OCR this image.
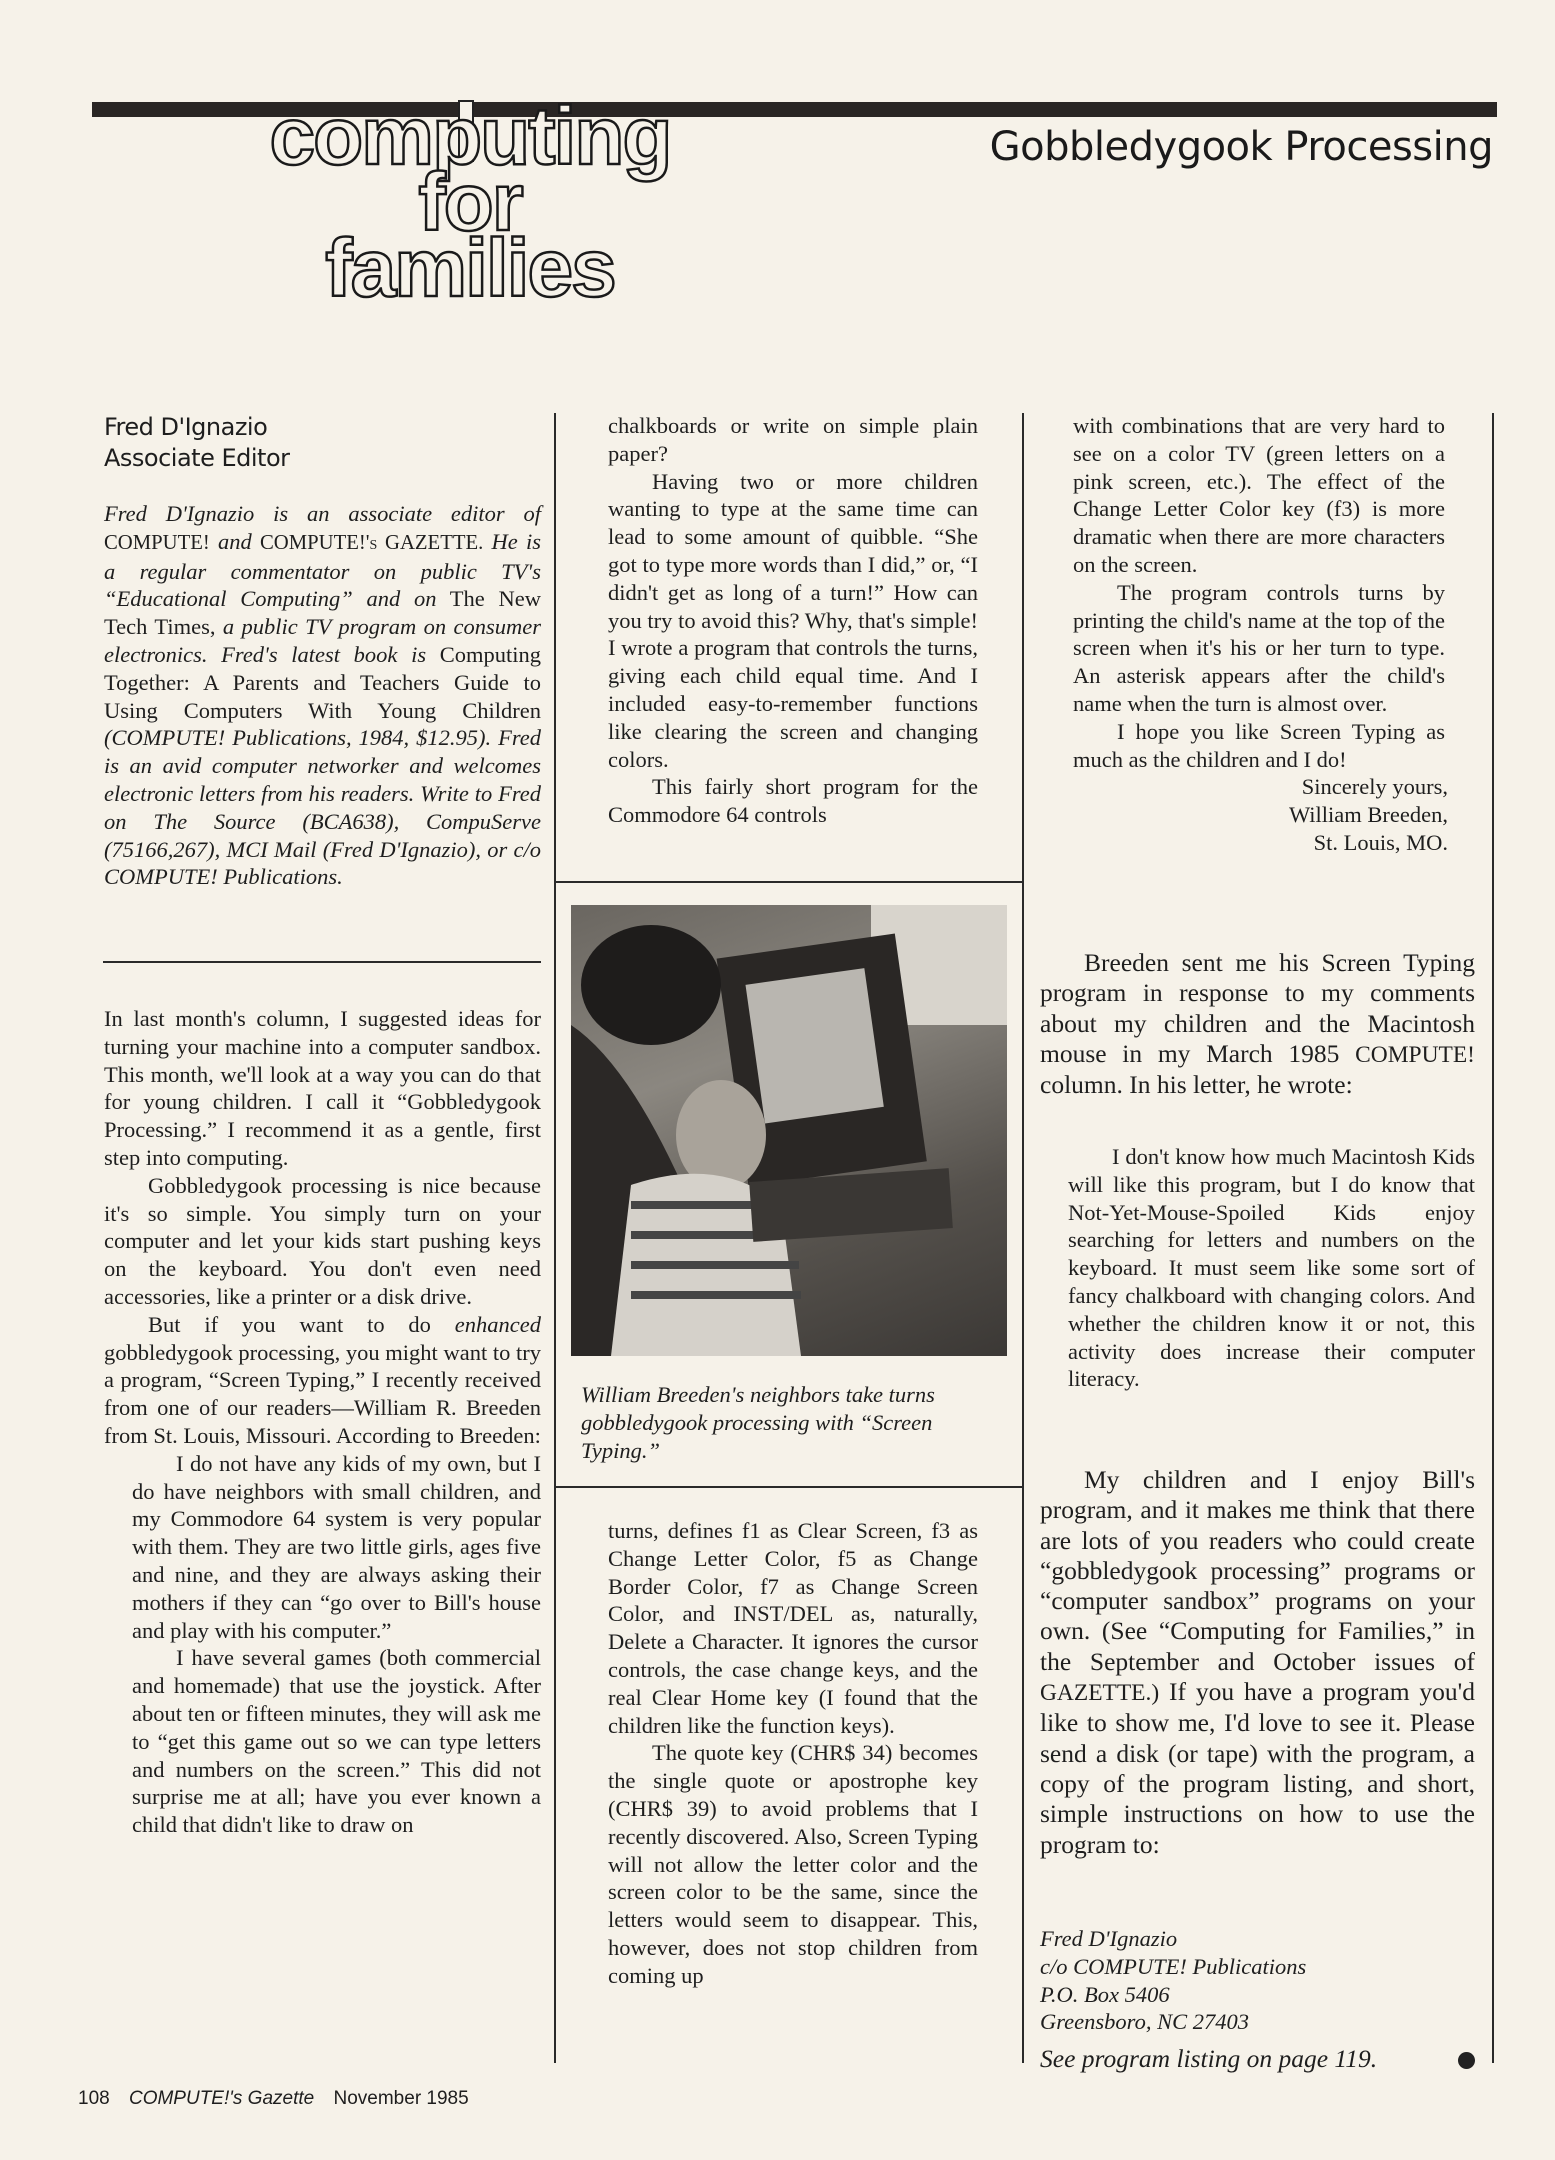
computing
for
families
Gobbledygook Processing
Fred D'Ignazio
Associate Editor

Fred D'Ignazio is an associate editor of COMPUTE! and COMPUTE!'s GAZETTE. He is a regular commentator on public TV's “Educational Computing” and on The New Tech Times, a public TV program on consumer electronics. Fred's latest book is Computing Together: A Parents and Teachers Guide to Using Computers With Young Children (COMPUTE! Publications, 1984, $12.95). Fred is an avid computer networker and welcomes electronic letters from his readers. Write to Fred on The Source (BCA638), CompuServe (75166,267), MCI Mail (Fred D'Ignazio), or c/o COMPUTE! Publications.

In last month's column, I suggested ideas for turning your machine into a computer sandbox. This month, we'll look at a way you can do that for young children. I call it “Gobbledygook Processing.” I recommend it as a gentle, first step into computing.

Gobbledygook processing is nice because it's so simple. You simply turn on your computer and let your kids start pushing keys on the keyboard. You don't even need accessories, like a printer or a disk drive.

But if you want to do enhanced gobbledygook processing, you might want to try a program, “Screen Typing,” I recently received from one of our readers—William R. Breeden from St. Louis, Missouri. According to Breeden:

I do not have any kids of my own, but I do have neighbors with small children, and my Commodore 64 system is very popular with them. They are two little girls, ages five and nine, and they are always asking their mothers if they can “go over to Bill's house and play with his computer.”

I have several games (both commercial and homemade) that use the joystick. After about ten or fifteen minutes, they will ask me to “get this game out so we can type letters and numbers on the screen.” This did not surprise me at all; have you ever known a child that didn't like to draw on

chalkboards or write on simple plain paper?

Having two or more children wanting to type at the same time can lead to some amount of quibble. “She got to type more words than I did,” or, “I didn't get as long of a turn!” How can you try to avoid this? Why, that's simple! I wrote a program that controls the turns, giving each child equal time. And I included easy-to-remember functions like clearing the screen and changing colors.

This fairly short program for the Commodore 64 controls

William Breeden's neighbors take turns gobbledygook processing with “Screen Typing.”

turns, defines f1 as Clear Screen, f3 as Change Letter Color, f5 as Change Border Color, f7 as Change Screen Color, and INST/DEL as, naturally, Delete a Character. It ignores the cursor controls, the case change keys, and the real Clear Home key (I found that the children like the function keys).

The quote key (CHR$ 34) becomes the single quote or apostrophe key (CHR$ 39) to avoid problems that I recently discovered. Also, Screen Typing will not allow the letter color and the screen color to be the same, since the letters would seem to disappear. This, however, does not stop children from coming up

with combinations that are very hard to see on a color TV (green letters on a pink screen, etc.). The effect of the Change Letter Color key (f3) is more dramatic when there are more characters on the screen.

The program controls turns by printing the child's name at the top of the screen when it's his or her turn to type. An asterisk appears after the child's name when the turn is almost over.

I hope you like Screen Typing as much as the children and I do!

Sincerely yours,
William Breeden,
St. Louis, MO.

Breeden sent me his Screen Typing program in response to my comments about my children and the Macintosh mouse in my March 1985 COMPUTE! column. In his letter, he wrote:

I don't know how much Macintosh Kids will like this program, but I do know that Not-Yet-Mouse-Spoiled Kids enjoy searching for letters and numbers on the keyboard. It must seem like some sort of fancy chalkboard with changing colors. And whether the children know it or not, this activity does increase their computer literacy.

My children and I enjoy Bill's program, and it makes me think that there are lots of you readers who could create “gobbledygook processing” programs or “computer sandbox” programs on your own. (See “Computing for Families,” in the September and October issues of GAZETTE.) If you have a program you'd like to show me, I'd love to see it. Please send a disk (or tape) with the program, a copy of the program listing, and short, simple instructions on how to use the program to:

Fred D'Ignazio
c/o COMPUTE! Publications
P.O. Box 5406
Greensboro, NC 27403
See program listing on page 119.
108 COMPUTE!'s Gazette November 1985
